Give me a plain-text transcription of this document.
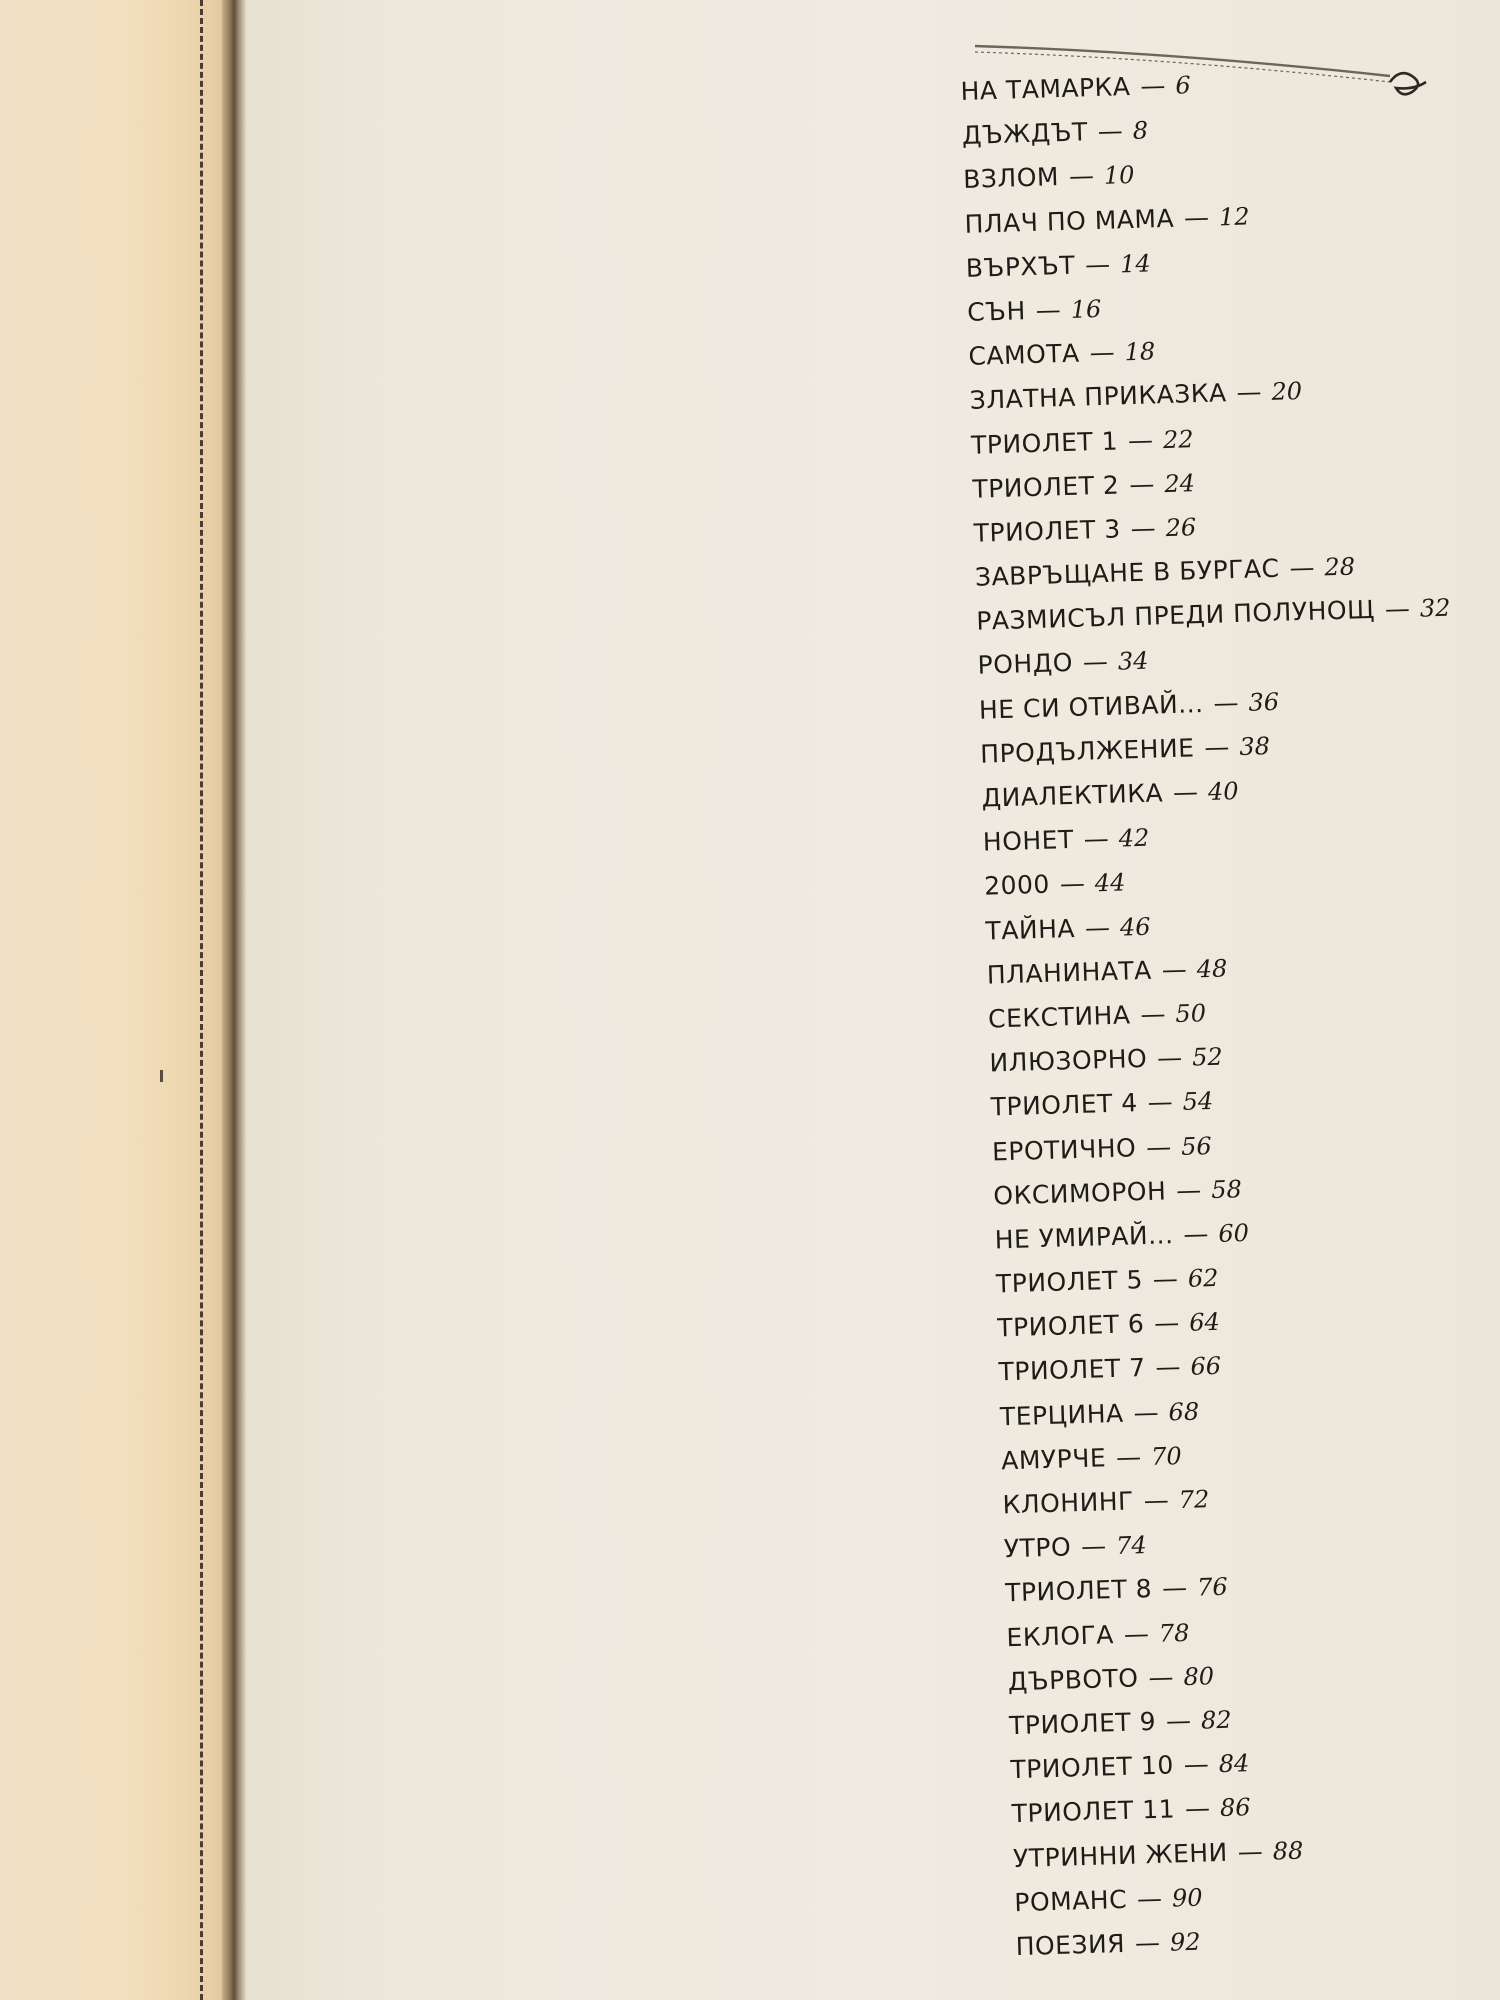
НА ТАМАРКА — 6
ДЪЖДЪТ — 8
ВЗЛОМ — 10
ПЛАЧ ПО МАМА — 12
ВЪРХЪТ — 14
СЪН — 16
САМОТА — 18
ЗЛАТНА ПРИКАЗКА — 20
ТРИОЛЕТ 1 — 22
ТРИОЛЕТ 2 — 24
ТРИОЛЕТ 3 — 26
ЗАВРЪЩАНЕ В БУРГАС — 28
РАЗМИСЪЛ ПРЕДИ ПОЛУНОЩ — 32
РОНДО — 34
НЕ СИ ОТИВАЙ... — 36
ПРОДЪЛЖЕНИЕ — 38
ДИАЛЕКТИКА — 40
НОНЕТ — 42
2000 — 44
ТАЙНА — 46
ПЛАНИНАТА — 48
СЕКСТИНА — 50
ИЛЮЗОРНО — 52
ТРИОЛЕТ 4 — 54
ЕРОТИЧНО — 56
ОКСИМОРОН — 58
НЕ УМИРАЙ... — 60
ТРИОЛЕТ 5 — 62
ТРИОЛЕТ 6 — 64
ТРИОЛЕТ 7 — 66
ТЕРЦИНА — 68
АМУРЧЕ — 70
КЛОНИНГ — 72
УТРО — 74
ТРИОЛЕТ 8 — 76
ЕКЛОГА — 78
ДЪРВОТО — 80
ТРИОЛЕТ 9 — 82
ТРИОЛЕТ 10 — 84
ТРИОЛЕТ 11 — 86
УТРИННИ ЖЕНИ — 88
РОМАНС — 90
ПОЕЗИЯ — 92
